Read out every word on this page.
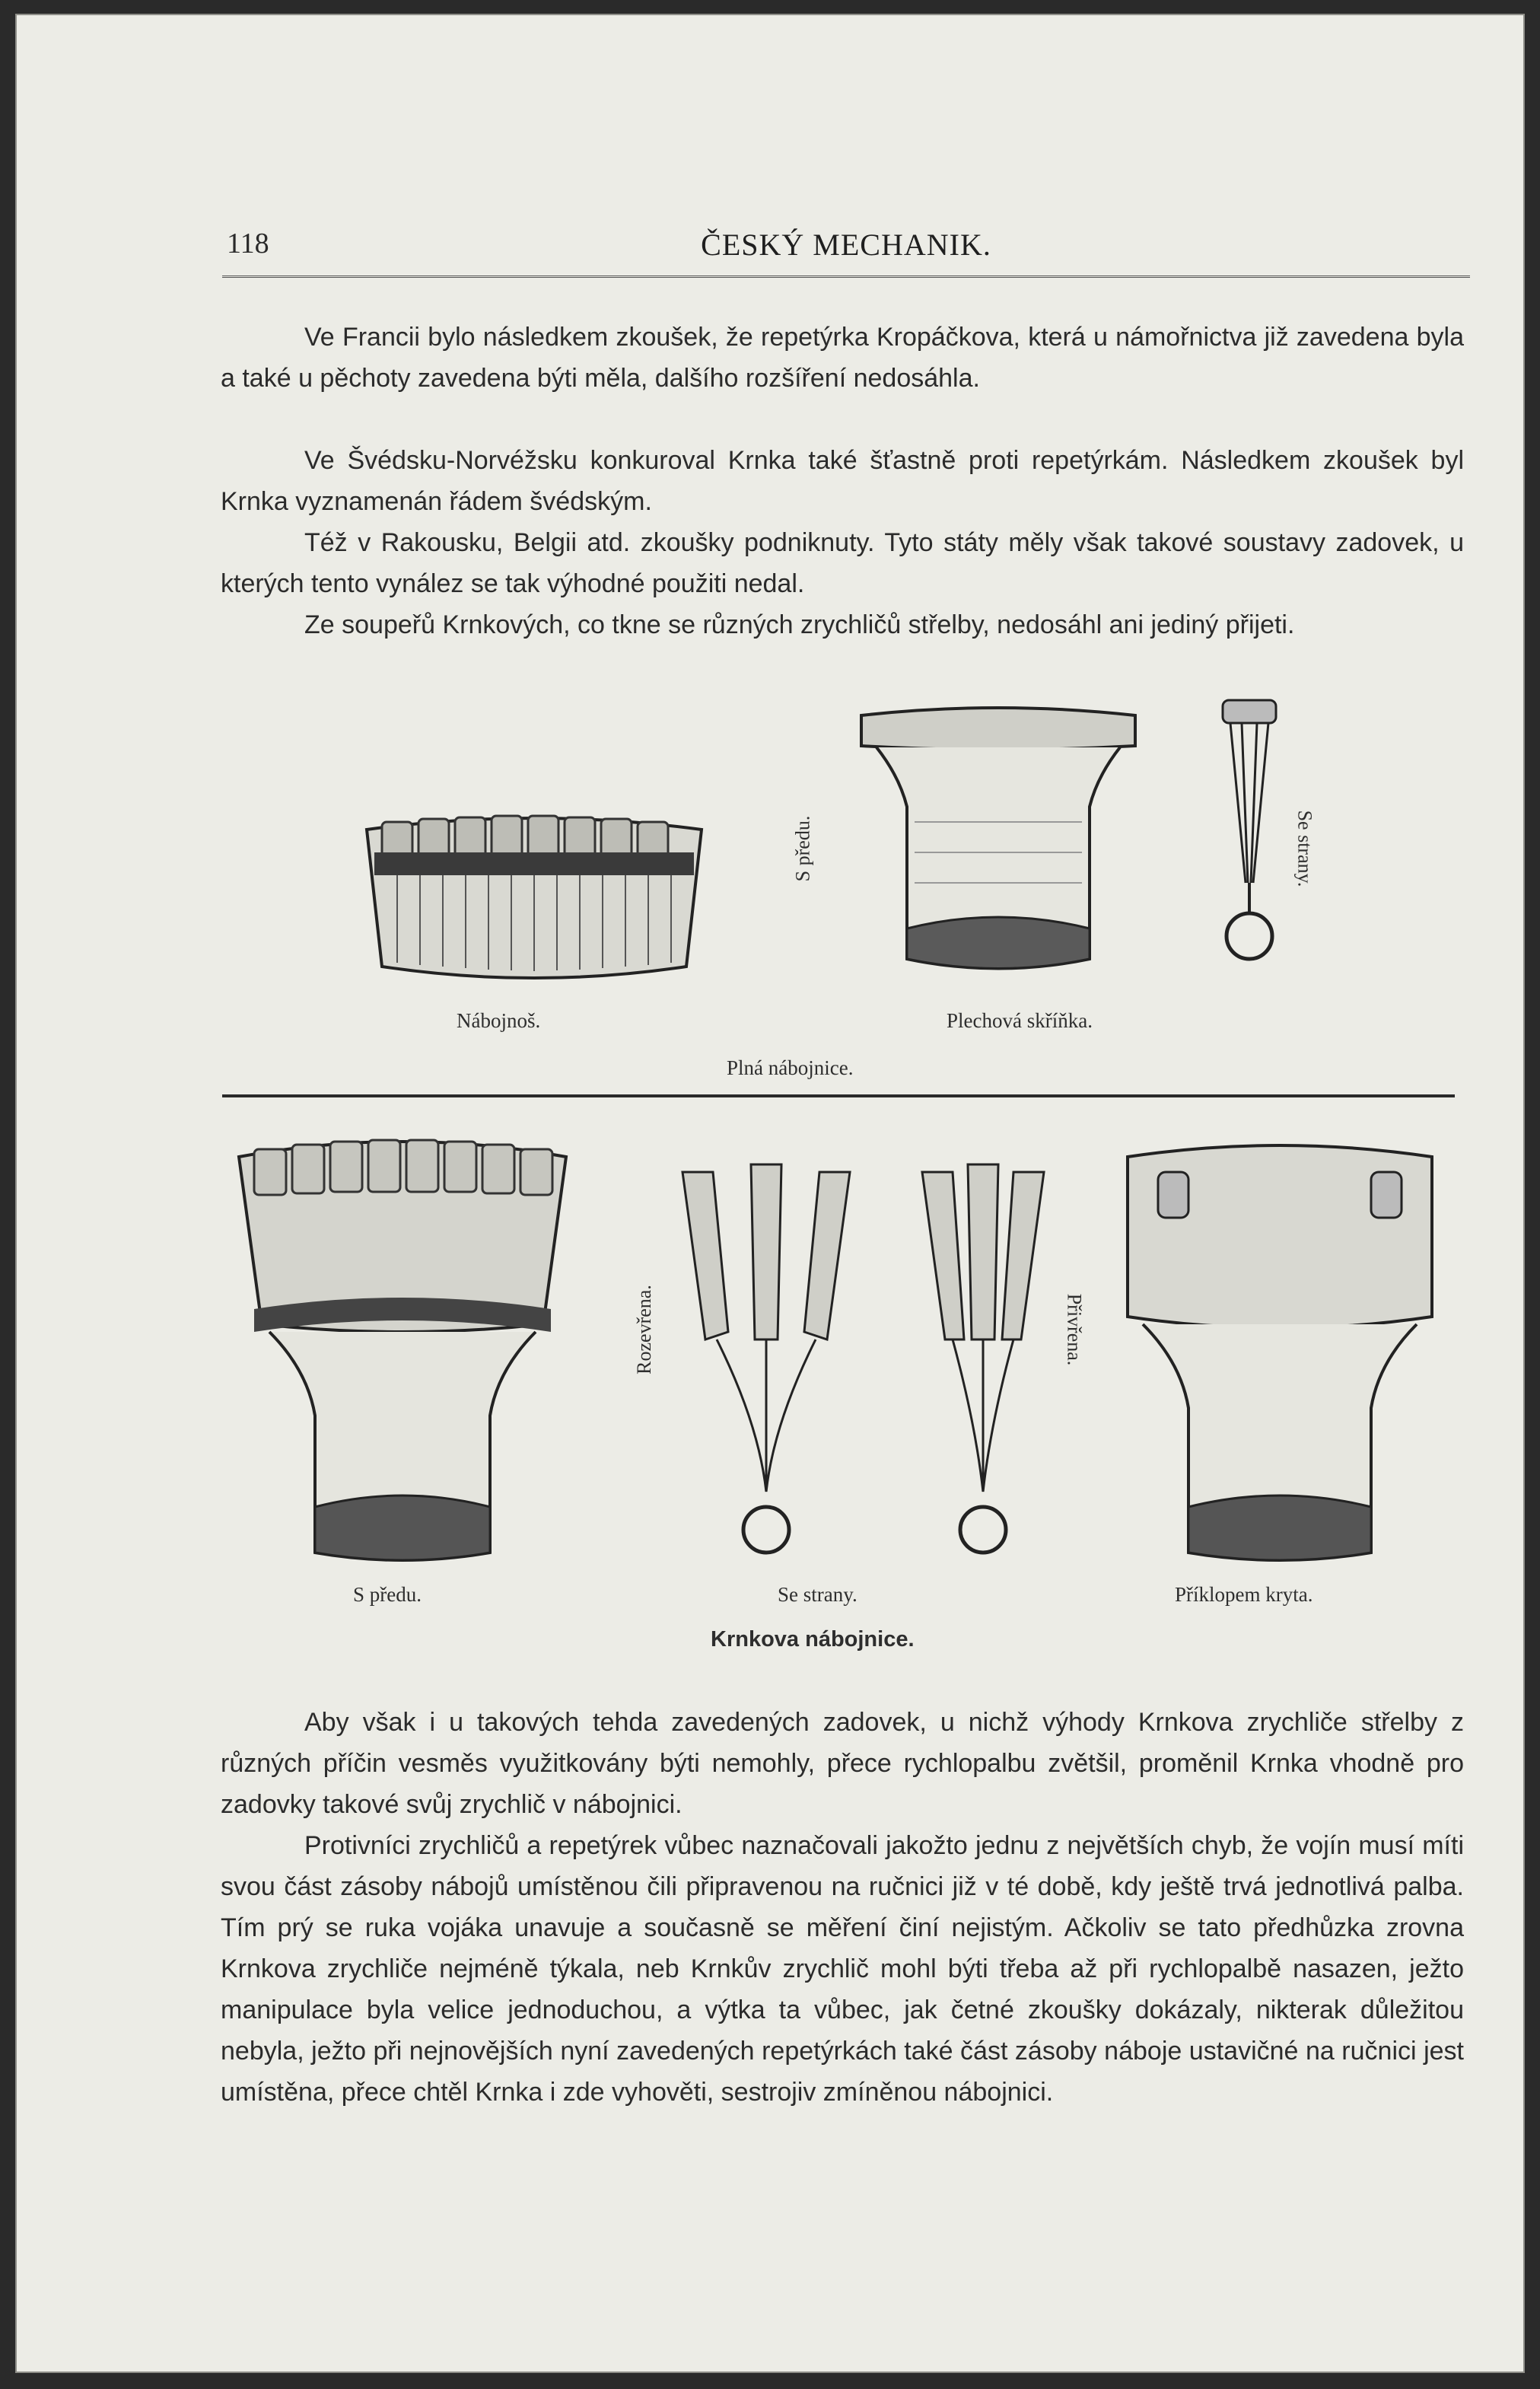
118	ČESKÝ MECHANIK.

Ve Francii bylo následkem zkoušek, že repetýrka Kropáčkova, která u námořnictva již zavedena byla a také u pěchoty zavedena býti měla, dalšího rozšíření nedosáhla.

Ve Švédsku-Norvéžsku konkuroval Krnka také šťastně proti repetýrkám. Následkem zkoušek byl Krnka vyznamenán řádem švédským.

Též v Rakousku, Belgii atd. zkoušky podniknuty. Tyto státy měly však takové soustavy zadovek, u kterých tento vynález se tak výhodné použiti nedal.

Ze soupeřů Krnkových, co tkne se různých zrychličů střelby, nedosáhl ani jediný přijeti.

S předu.	Se strany.
Nábojnoš.	Plechová skříňka.
Plná nábojnice.
Rozevřena.	Přivřena.
S předu.	Se strany.	Příklopem kryta.
Krnkova nábojnice.

Aby však i u takových tehda zavedených zadovek, u nichž výhody Krnkova zrychliče střelby z různých příčin vesměs využitkovány býti nemohly, přece rychlopalbu zvětšil, proměnil Krnka vhodně pro zadovky takové svůj zrychlič v nábojnici.

Protivníci zrychličů a repetýrek vůbec naznačovali jakožto jednu z největších chyb, že vojín musí míti svou část zásoby nábojů umístěnou čili připravenou na ručnici již v té době, kdy ještě trvá jednotlivá palba. Tím prý se ruka vojáka unavuje a současně se měření činí nejistým. Ačkoliv se tato předhůzka zrovna Krnkova zrychliče nejméně týkala, neb Krnkův zrychlič mohl býti třeba až při rychlopalbě nasazen, ježto manipulace byla velice jednoduchou, a výtka ta vůbec, jak četné zkoušky dokázaly, nikterak důležitou nebyla, ježto při nejnovějších nyní zavedených repetýrkách také část zásoby náboje ustavičné na ručnici jest umístěna, přece chtěl Krnka i zde vyhověti, sestrojiv zmíněnou nábojnici.
